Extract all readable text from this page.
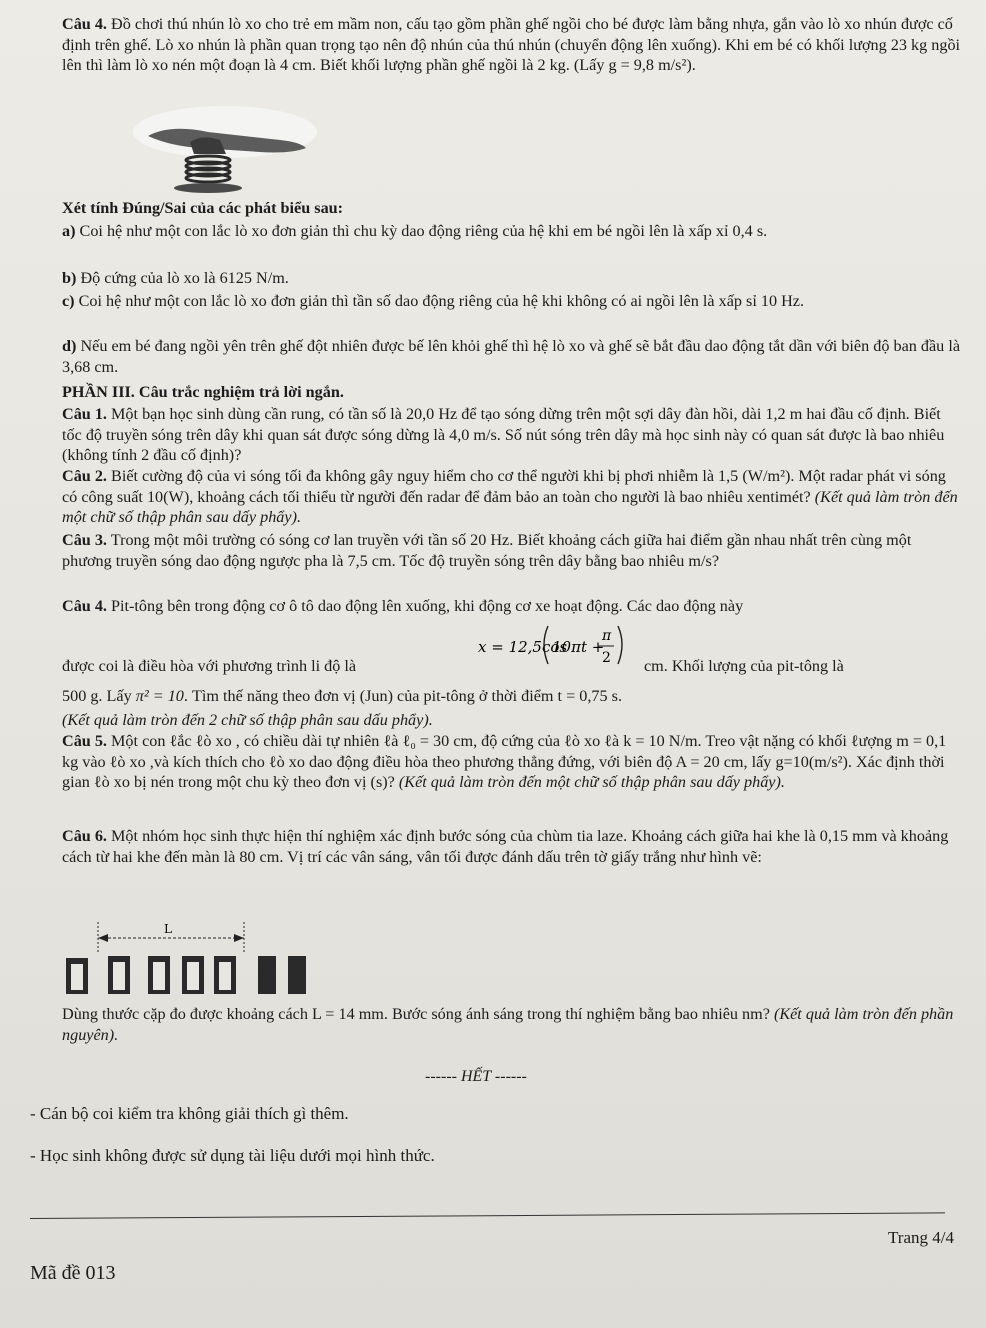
Câu 4. Đồ chơi thú nhún lò xo cho trẻ em mầm non, cấu tạo gồm phần ghế ngồi cho bé được làm bằng nhựa, gắn vào lò xo nhún được cố định trên ghế. Lò xo nhún là phần quan trọng tạo nên độ nhún của thú nhún (chuyển động lên xuống). Khi em bé có khối lượng 23 kg ngồi lên thì làm lò xo nén một đoạn là 4 cm. Biết khối lượng phần ghế ngồi là 2 kg. (Lấy g = 9,8 m/s²).

Xét tính Đúng/Sai của các phát biểu sau:

a) Coi hệ như một con lắc lò xo đơn giản thì chu kỳ dao động riêng của hệ khi em bé ngồi lên là xấp xỉ 0,4 s.

b) Độ cứng của lò xo là 6125 N/m.

c) Coi hệ như một con lắc lò xo đơn giản thì tần số dao động riêng của hệ khi không có ai ngồi lên là xấp sỉ 10 Hz.

d) Nếu em bé đang ngồi yên trên ghế đột nhiên được bế lên khỏi ghế thì hệ lò xo và ghế sẽ bắt đầu dao động tắt dần với biên độ ban đầu là 3,68 cm.

PHẦN III. Câu trắc nghiệm trả lời ngắn.

Câu 1. Một bạn học sinh dùng cần rung, có tần số là 20,0 Hz để tạo sóng dừng trên một sợi dây đàn hồi, dài 1,2 m hai đầu cố định. Biết tốc độ truyền sóng trên dây khi quan sát được sóng dừng là 4,0 m/s. Số nút sóng trên dây mà học sinh này có quan sát được là bao nhiêu (không tính 2 đầu cố định)?

Câu 2. Biết cường độ của vi sóng tối đa không gây nguy hiểm cho cơ thể người khi bị phơi nhiễm là 1,5 (W/m²). Một radar phát vi sóng có công suất 10(W), khoảng cách tối thiểu từ người đến radar để đảm bảo an toàn cho người là bao nhiêu xentimét? (Kết quả làm tròn đến một chữ số thập phân sau dấy phẩy).

Câu 3. Trong một môi trường có sóng cơ lan truyền với tần số 20 Hz. Biết khoảng cách giữa hai điểm gần nhau nhất trên cùng một phương truyền sóng dao động ngược pha là 7,5 cm. Tốc độ truyền sóng trên dây bằng bao nhiêu m/s?

Câu 4. Pit-tông bên trong động cơ ô tô dao động lên xuống, khi động cơ xe hoạt động. Các dao động này

x = 12,5cos
10πt +
π
2

được coi là điều hòa với phương trình li độ là	cm. Khối lượng của pit-tông là

500 g. Lấy π² = 10. Tìm thế năng theo đơn vị (Jun) của pit-tông ở thời điểm t = 0,75 s.

(Kết quả làm tròn đến 2 chữ số thập phân sau dấu phẩy).

Câu 5. Một con ℓắc ℓò xo , có chiều dài tự nhiên ℓà ℓ₀ = 30 cm, độ cứng của ℓò xo ℓà k = 10 N/m. Treo vật nặng có khối ℓượng m = 0,1 kg vào ℓò xo ,và kích thích cho ℓò xo dao động điều hòa theo phương thẳng đứng, với biên độ A = 20 cm, lấy g=10(m/s²). Xác định thời gian ℓò xo bị nén trong một chu kỳ theo đơn vị (s)? (Kết quả làm tròn đến một chữ số thập phân sau dấy phẩy).

Câu 6. Một nhóm học sinh thực hiện thí nghiệm xác định bước sóng của chùm tia laze. Khoảng cách giữa hai khe là 0,15 mm và khoảng cách từ hai khe đến màn là 80 cm. Vị trí các vân sáng, vân tối được đánh dấu trên tờ giấy trắng như hình vẽ:

L

Dùng thước cặp đo được khoảng cách L = 14 mm. Bước sóng ánh sáng trong thí nghiệm bằng bao nhiêu nm? (Kết quả làm tròn đến phần nguyên).

------ HẾT ------

- Cán bộ coi kiểm tra không giải thích gì thêm.

- Học sinh không được sử dụng tài liệu dưới mọi hình thức.

Trang 4/4
Mã đề 013
